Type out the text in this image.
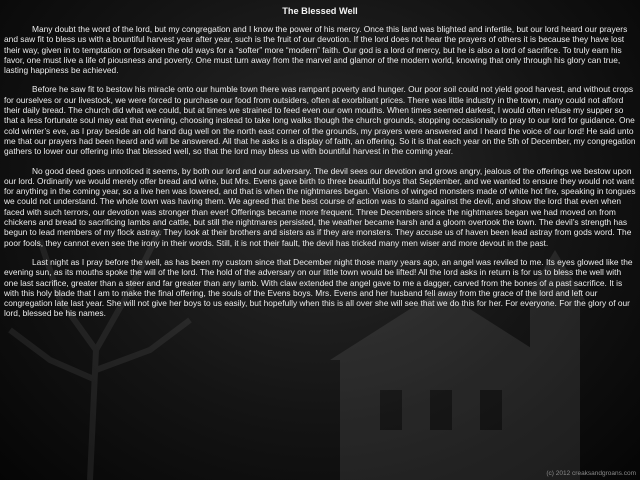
The Blessed Well

Many doubt the word of the lord, but my congregation and I know the power of his mercy. Once this land was blighted and infertile, but our lord heard our prayers and saw fit to bless us with a bountiful harvest year after year, such is the fruit of our devotion. If the lord does not hear the prayers of others it is because they have lost their way, given in to temptation or forsaken the old ways for a “softer” more “modern” faith. Our god is a lord of mercy, but he is also a lord of sacrifice. To truly earn his favor, one must live a life of piousness and poverty. One must turn away from the marvel and glamor of the modern world, knowing that only through his glory can true, lasting happiness be achieved.

Before he saw fit to bestow his miracle onto our humble town there was rampant poverty and hunger. Our poor soil could not yield good harvest, and without crops for ourselves or our livestock, we were forced to purchase our food from outsiders, often at exorbitant prices. There was little industry in the town, many could not afford their daily bread. The church did what we could, but at times we strained to feed even our own mouths. When times seemed darkest, I would often refuse my supper so that a less fortunate soul may eat that evening, choosing instead to take long walks though the church grounds, stopping occasionally to pray to our lord for guidance. One cold winter’s eve, as I pray beside an old hand dug well on the north east corner of the grounds, my prayers were answered and I heard the voice of our lord! He said unto me that our prayers had been heard and will be answered. All that he asks is a display of faith, an offering. So it is that each year on the 5th of December, my congregation gathers to lower our offering into that blessed well, so that the lord may bless us with bountiful harvest in the coming year.

No good deed goes unnoticed it seems, by both our lord and our adversary. The devil sees our devotion and grows angry, jealous of the offerings we bestow upon our lord. Ordinarily we would merely offer bread and wine, but Mrs. Evens gave birth to three beautiful boys that September, and we wanted to ensure they would not want for anything in the coming year, so a live hen was lowered, and that is when the nightmares began. Visions of winged monsters made of white hot fire, speaking in tongues we could not understand. The whole town was having them. We agreed that the best course of action was to stand against the devil, and show the lord that even when faced with such terrors, our devotion was stronger than ever! Offerings became more frequent. Three Decembers since the nightmares began we had moved on from chickens and bread to sacrificing lambs and cattle, but still the nightmares persisted, the weather became harsh and a gloom overtook the town. The devil’s strength has begun to lead members of my flock astray. They look at their brothers and sisters as if they are monsters. They accuse us of haven been lead astray from gods word. The poor fools, they cannot even see the irony in their words. Still, it is not their fault, the devil has tricked many men wiser and more devout in the past.

Last night as I pray before the well, as has been my custom since that December night those many years ago, an angel was reviled to me. Its eyes glowed like the evening sun, as its mouths spoke the will of the lord. The hold of the adversary on our little town would be lifted! All the lord asks in return is for us to bless the well with one last sacrifice, greater than a steer and far greater than any lamb. With claw extended the angel gave to me a dagger, carved from the bones of a past sacrifice. It is with this holy blade that I am to make the final offering, the souls of the Evens boys. Mrs. Evens and her husband fell away from the grace of the lord and left our congregation late last year. She will not give her boys to us easily, but hopefully when this is all over she will see that we do this for her. For everyone. For the glory of our lord, blessed be his names.

(c) 2012 creaksandgroans.com
